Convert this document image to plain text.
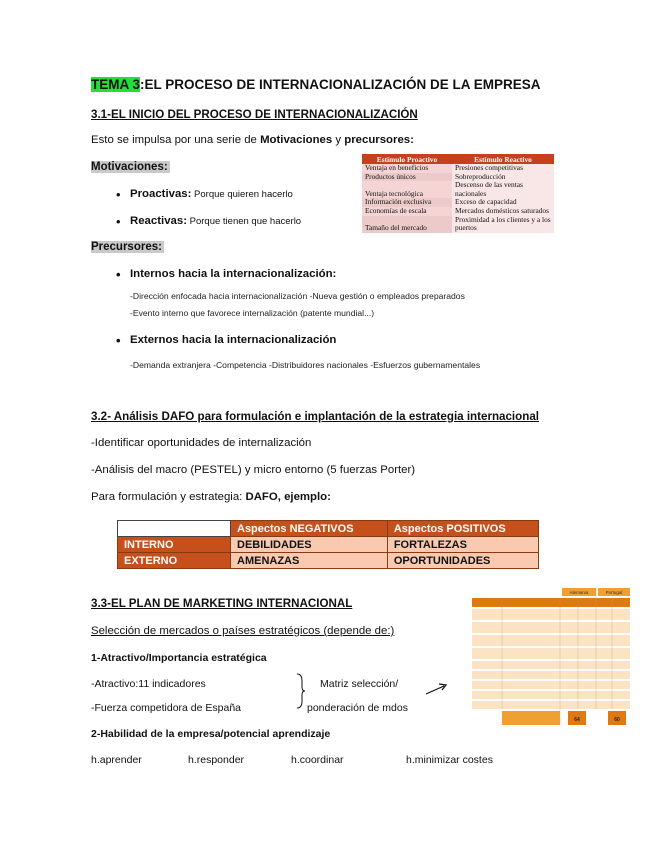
TEMA 3:EL PROCESO DE INTERNACIONALIZACIÓN DE LA EMPRESA
3.1-EL INICIO DEL PROCESO DE INTERNACIONALIZACIÓN
Esto se impulsa por una serie de Motivaciones y precursores:
Motivaciones:
• Proactivas: Porque quieren hacerlo
• Reactivas: Porque tienen que hacerlo
Precursores:
Estímulo Proactivo	Estímulo Reactivo
Ventaja en beneficios	Presiones competitivas
Productos únicos	Sobreproducción
Ventaja tecnológica	Descenso de las ventas nacionales
Información exclusiva	Exceso de capacidad
Economías de escala	Mercados domésticos saturados
Tamaño del mercado	Proximidad a los clientes y a los puertos
• Internos hacia la internacionalización:
-Dirección enfocada hacia internacionalización -Nueva gestión o empleados preparados
-Evento interno que favorece internalización (patente mundial...)
• Externos hacia la internacionalización
-Demanda extranjera -Competencia -Distribuidores nacionales -Esfuerzos gubernamentales
3.2- Análisis DAFO para formulación e implantación de la estrategia internacional
-Identificar oportunidades de internalización
-Análisis del macro (PESTEL) y micro entorno (5 fuerzas Porter)
Para formulación y estrategia: DAFO, ejemplo:
	Aspectos NEGATIVOS	Aspectos POSITIVOS
INTERNO	DEBILIDADES	FORTALEZAS
EXTERNO	AMENAZAS	OPORTUNIDADES
3.3-EL PLAN DE MARKETING INTERNACIONAL
Selección de mercados o países estratégicos (depende de:)
1-Atractivo/Importancia estratégica
-Atractivo:11 indicadores
-Fuerza competidora de España
Matriz selección/
ponderación de mdos
2-Habilidad de la empresa/potencial aprendizaje
h.aprender	h.responder	h.coordinar	h.minimizar costes
Alemania	Portugal
64	60
